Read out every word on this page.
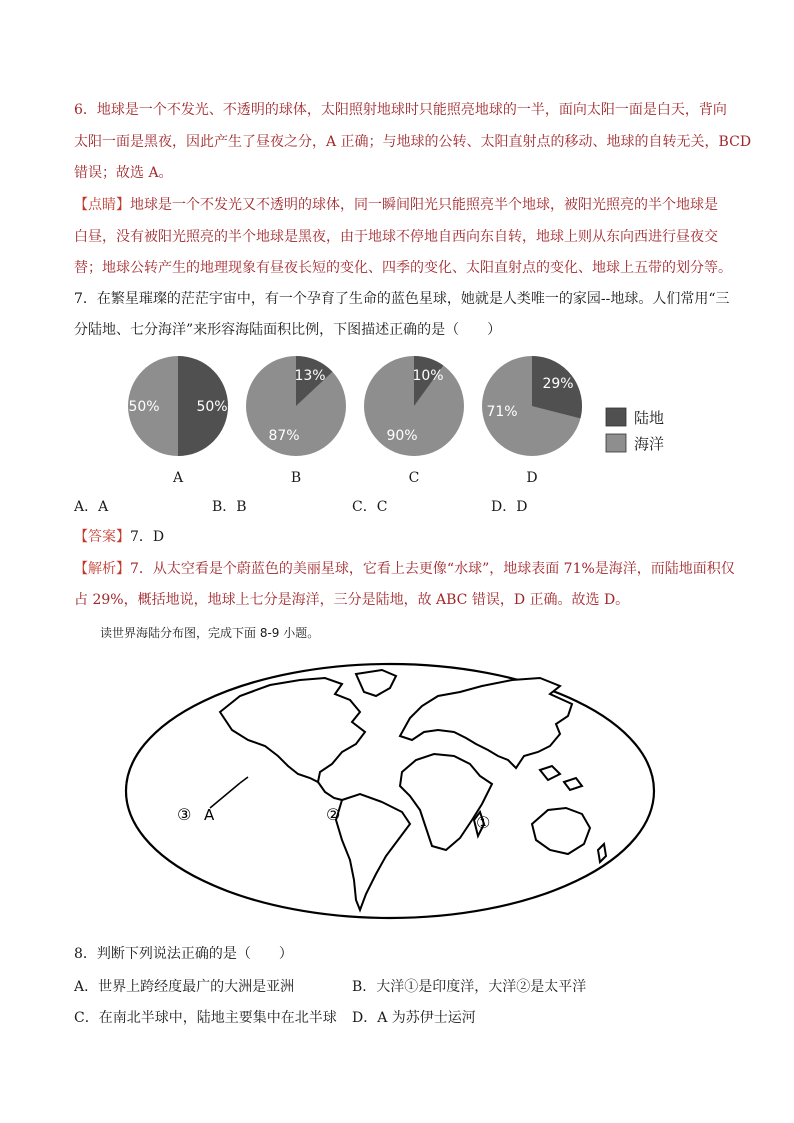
6．地球是一个不发光、不透明的球体，太阳照射地球时只能照亮地球的一半，面向太阳一面是白天，背向
太阳一面是黑夜，因此产生了昼夜之分，A 正确；与地球的公转、太阳直射点的移动、地球的自转无关，BCD
错误；故选 A。
【点睛】地球是一个不发光又不透明的球体，同一瞬间阳光只能照亮半个地球，被阳光照亮的半个地球是
白昼，没有被阳光照亮的半个地球是黑夜，由于地球不停地自西向东自转，地球上则从东向西进行昼夜交
替；地球公转产生的地理现象有昼夜长短的变化、四季的变化、太阳直射点的变化、地球上五带的划分等。
7．在繁星璀璨的茫茫宇宙中，有一个孕育了生命的蓝色星球，她就是人类唯一的家园--地球。人们常用“三
分陆地、七分海洋”来形容海陆面积比例，下图描述正确的是（　　）
50%
50%
A
13%
87%
B
10%
90%
C
29%
71%
D
陆地
海洋
A．A	B．B	C．C	D．D
【答案】7．D
【解析】7．从太空看是个蔚蓝色的美丽星球，它看上去更像“水球”，地球表面 71%是海洋，而陆地面积仅
占 29%，概括地说，地球上七分是海洋，三分是陆地，故 ABC 错误，D 正确。故选 D。
读世界海陆分布图，完成下面 8-9 小题。
③ A	②	①
8．判断下列说法正确的是（　　）
A．世界上跨经度最广的大洲是亚洲	B．大洋①是印度洋，大洋②是太平洋
C．在南北半球中，陆地主要集中在北半球 D．A 为苏伊士运河
